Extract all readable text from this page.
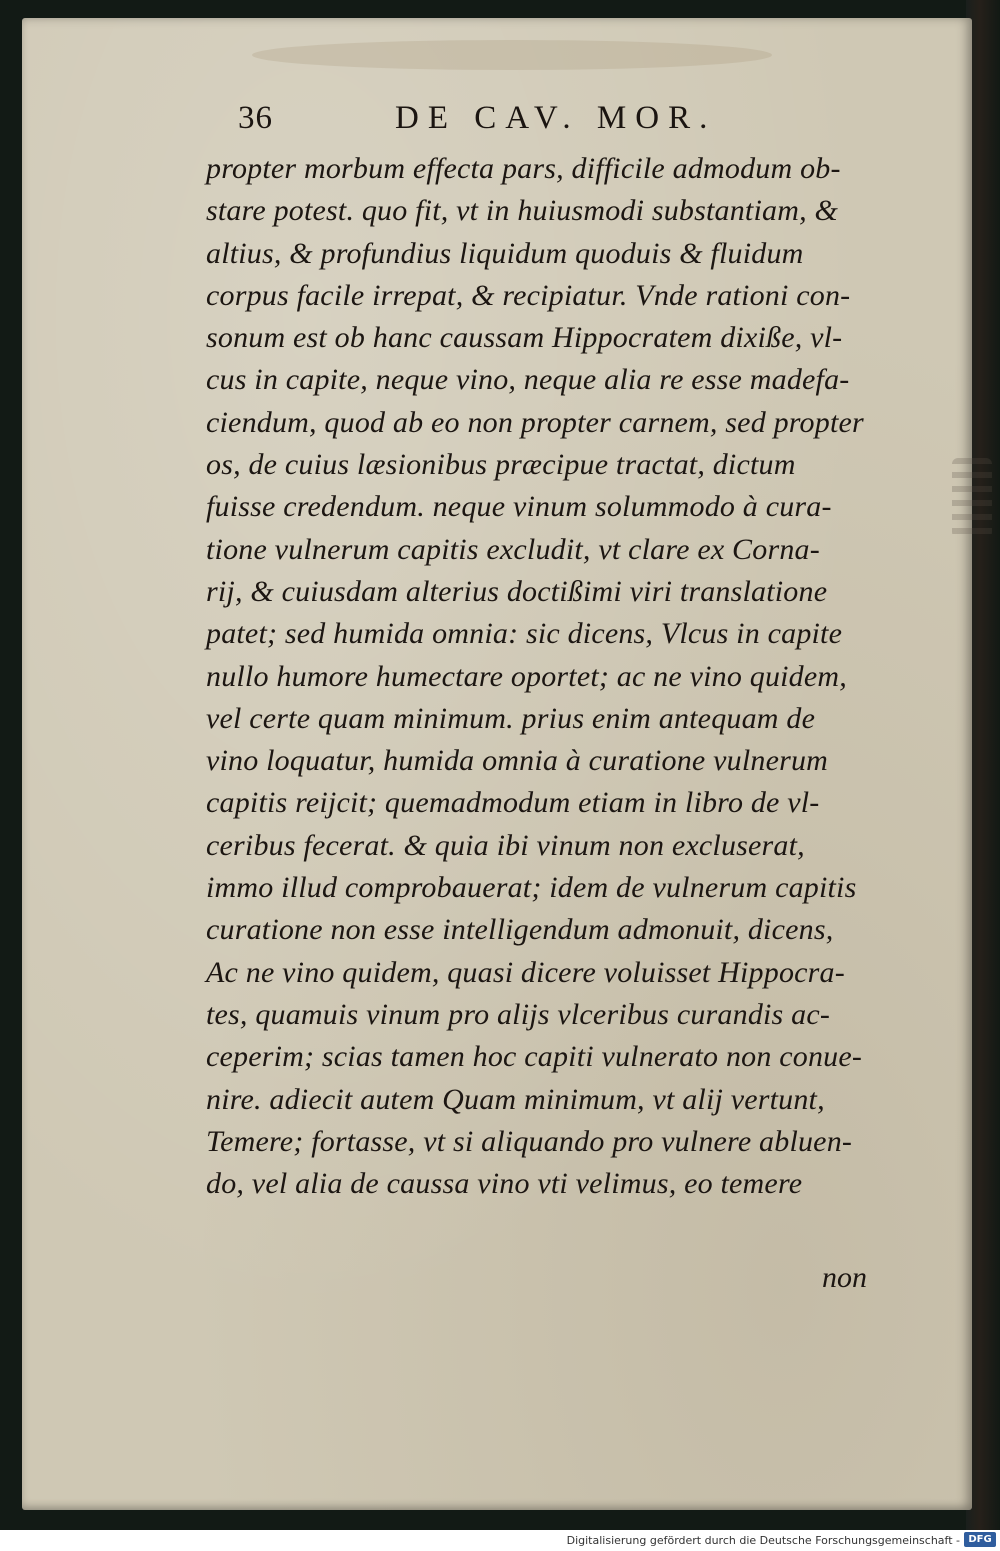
36	DE CAV. MOR.
propter morbum effecta pars, difficile admodum ob-
stare potest. quo fit, vt in huiusmodi substantiam, &
altius, & profundius liquidum quoduis & fluidum
corpus facile irrepat, & recipiatur. Vnde rationi con-
sonum est ob hanc caussam Hippocratem dixiße, vl-
cus in capite, neque vino, neque alia re esse madefa-
ciendum, quod ab eo non propter carnem, sed propter
os, de cuius læsionibus præcipue tractat, dictum
fuisse credendum. neque vinum solummodo à cura-
tione vulnerum capitis excludit, vt clare ex Corna-
rij, & cuiusdam alterius doctißimi viri translatione
patet; sed humida omnia: sic dicens, Vlcus in capite
nullo humore humectare oportet; ac ne vino quidem,
vel certe quam minimum. prius enim antequam de
vino loquatur, humida omnia à curatione vulnerum
capitis reijcit; quemadmodum etiam in libro de vl-
ceribus fecerat. & quia ibi vinum non excluserat,
immo illud comprobauerat; idem de vulnerum capitis
curatione non esse intelligendum admonuit, dicens,
Ac ne vino quidem, quasi dicere voluisset Hippocra-
tes, quamuis vinum pro alijs vlceribus curandis ac-
ceperim; scias tamen hoc capiti vulnerato non conue-
nire. adiecit autem Quam minimum, vt alij vertunt,
Temere; fortasse, vt si aliquando pro vulnere abluen-
do, vel alia de caussa vino vti velimus, eo temere
non
Digitalisierung gefördert durch die Deutsche Forschungsgemeinschaft - DFG
